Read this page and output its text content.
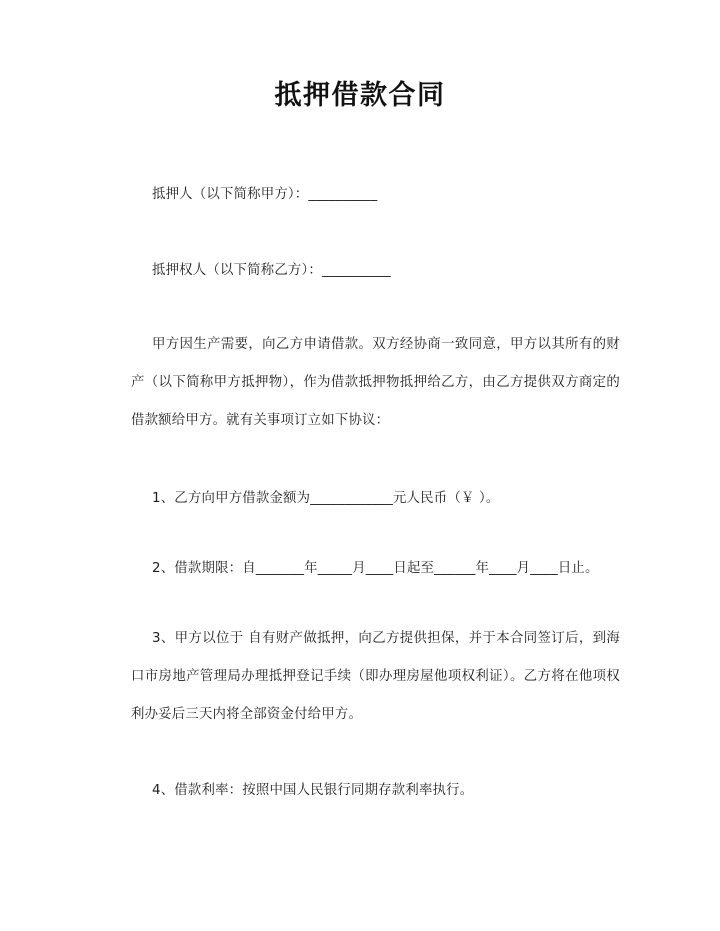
抵押借款合同

抵押人（以下简称甲方）：__________

抵押权人（以下简称乙方）：__________

甲方因生产需要，向乙方申请借款。双方经协商一致同意，甲方以其所有的财产（以下简称甲方抵押物），作为借款抵押物抵押给乙方，由乙方提供双方商定的借款额给甲方。就有关事项订立如下协议：

1、乙方向甲方借款金额为____________元人民币（￥ ）。

2、借款期限：自_______年_____月____日起至______年____月____日止。

3、甲方以位于 自有财产做抵押，向乙方提供担保，并于本合同签订后，到海口市房地产管理局办理抵押登记手续（即办理房屋他项权利证）。乙方将在他项权利办妥后三天内将全部资金付给甲方。

4、借款利率：按照中国人民银行同期存款利率执行。
